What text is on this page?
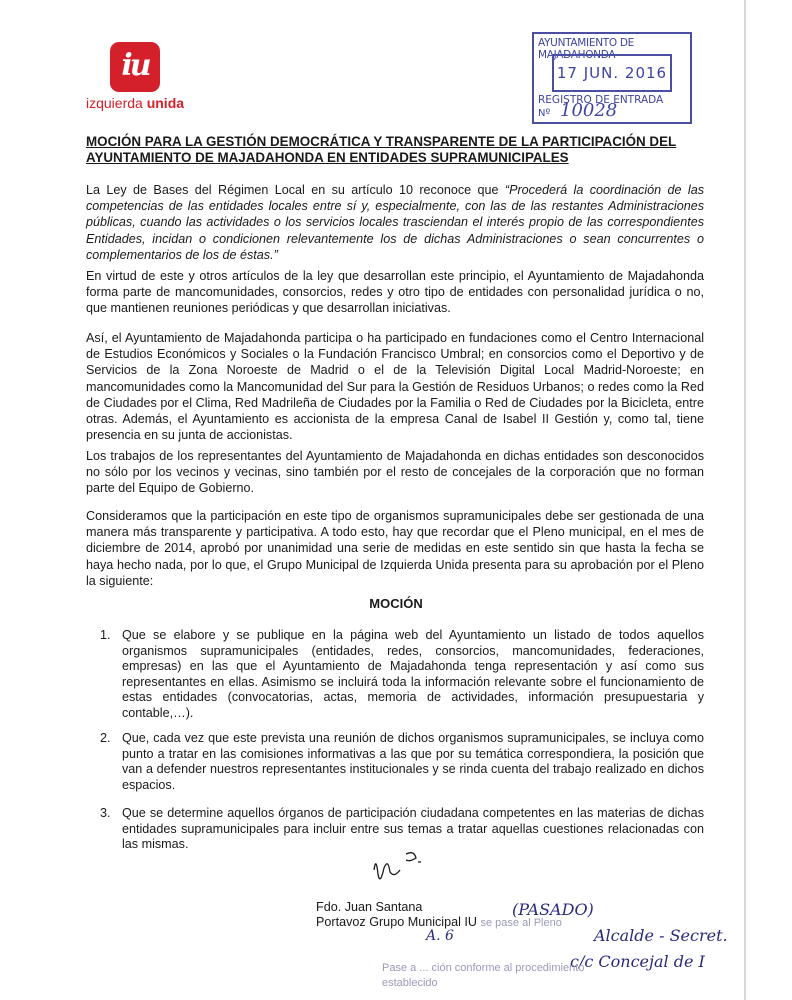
iu
izquierda unida
AYUNTAMIENTO DE MAJADAHONDA
17 JUN. 2016
REGISTRO DE ENTRADA
Nº 10028
MOCIÓN PARA LA GESTIÓN DEMOCRÁTICA Y TRANSPARENTE DE LA PARTICIPACIÓN DEL AYUNTAMIENTO DE MAJADAHONDA EN ENTIDADES SUPRAMUNICIPALES
La Ley de Bases del Régimen Local en su artículo 10 reconoce que “Procederá la coordinación de las competencias de las entidades locales entre sí y, especialmente, con las de las restantes Administraciones públicas, cuando las actividades o los servicios locales trasciendan el interés propio de las correspondientes Entidades, incidan o condicionen relevantemente los de dichas Administraciones o sean concurrentes o complementarios de los de éstas.”
En virtud de este y otros artículos de la ley que desarrollan este principio, el Ayuntamiento de Majadahonda forma parte de mancomunidades, consorcios, redes y otro tipo de entidades con personalidad jurídica o no, que mantienen reuniones periódicas y que desarrollan iniciativas.
Así, el Ayuntamiento de Majadahonda participa o ha participado en fundaciones como el Centro Internacional de Estudios Económicos y Sociales o la Fundación Francisco Umbral; en consorcios como el Deportivo y de Servicios de la Zona Noroeste de Madrid o el de la Televisión Digital Local Madrid-Noroeste; en mancomunidades como la Mancomunidad del Sur para la Gestión de Residuos Urbanos; o redes como la Red de Ciudades por el Clima, Red Madrileña de Ciudades por la Familia o Red de Ciudades por la Bicicleta, entre otras. Además, el Ayuntamiento es accionista de la empresa Canal de Isabel II Gestión y, como tal, tiene presencia en su junta de accionistas.
Los trabajos de los representantes del Ayuntamiento de Majadahonda en dichas entidades son desconocidos no sólo por los vecinos y vecinas, sino también por el resto de concejales de la corporación que no forman parte del Equipo de Gobierno.
Consideramos que la participación en este tipo de organismos supramunicipales debe ser gestionada de una manera más transparente y participativa. A todo esto, hay que recordar que el Pleno municipal, en el mes de diciembre de 2014, aprobó por unanimidad una serie de medidas en este sentido sin que hasta la fecha se haya hecho nada, por lo que, el Grupo Municipal de Izquierda Unida presenta para su aprobación por el Pleno la siguiente:
MOCIÓN
1. Que se elabore y se publique en la página web del Ayuntamiento un listado de todos aquellos organismos supramunicipales (entidades, redes, consorcios, mancomunidades, federaciones, empresas) en las que el Ayuntamiento de Majadahonda tenga representación y así como sus representantes en ellas. Asimismo se incluirá toda la información relevante sobre el funcionamiento de estas entidades (convocatorias, actas, memoria de actividades, información presupuestaria y contable,…).
2. Que, cada vez que este prevista una reunión de dichos organismos supramunicipales, se incluya como punto a tratar en las comisiones informativas a las que por su temática correspondiera, la posición que van a defender nuestros representantes institucionales y se rinda cuenta del trabajo realizado en dichos espacios.
3. Que se determine aquellos órganos de participación ciudadana competentes en las materias de dichas entidades supramunicipales para incluir entre sus temas a tratar aquellas cuestiones relacionadas con las mismas.
Fdo. Juan Santana
Portavoz Grupo Municipal IU se pase al Pleno
(PASADO)
A. 6	Alcalde - Secret.
c/c Concejal de I
Pase a ... ción conforme al procedimiento
establecido
